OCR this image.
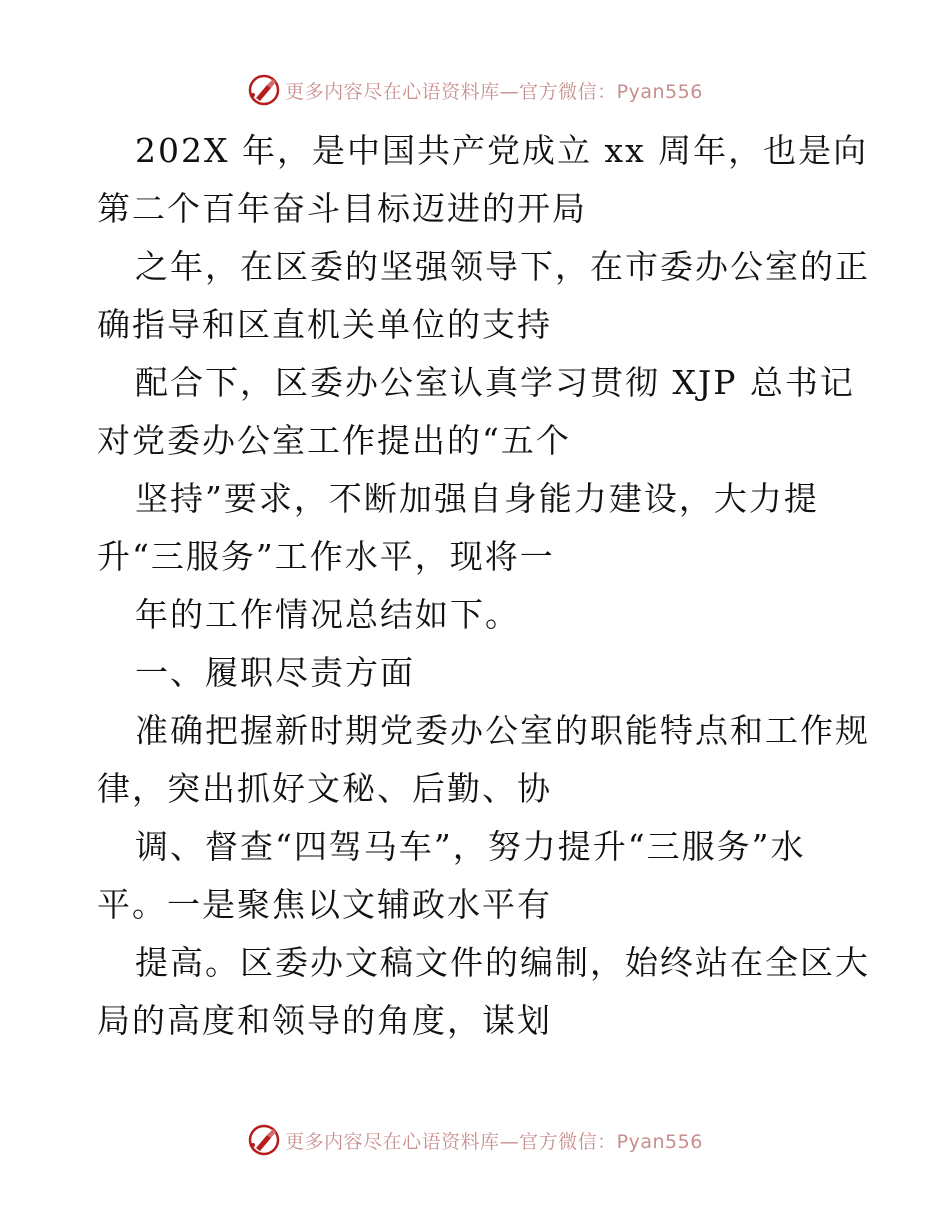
更多内容尽在心语资料库—官方微信：Pyan556
202X 年，是中国共产党成立 xx 周年，也是向
第二个百年奋斗目标迈进的开局
之年，在区委的坚强领导下，在市委办公室的正
确指导和区直机关单位的支持
配合下，区委办公室认真学习贯彻 XJP 总书记
对党委办公室工作提出的“五个
坚持”要求，不断加强自身能力建设，大力提
升“三服务”工作水平，现将一
年的工作情况总结如下。
一、履职尽责方面
准确把握新时期党委办公室的职能特点和工作规
律，突出抓好文秘、后勤、协
调、督查“四驾马车”，努力提升“三服务”水
平。一是聚焦以文辅政水平有
提高。区委办文稿文件的编制，始终站在全区大
局的高度和领导的角度，谋划
更多内容尽在心语资料库—官方微信：Pyan556
